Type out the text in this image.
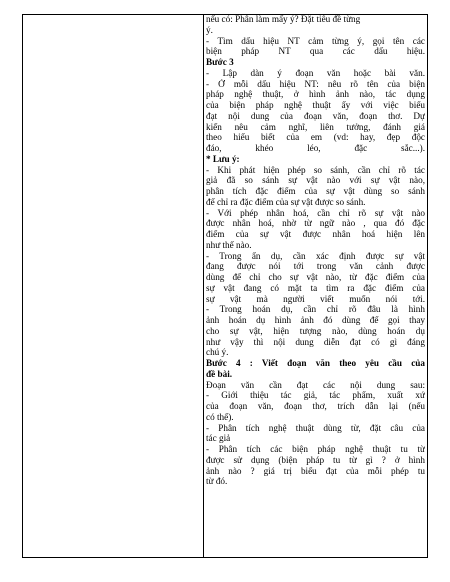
nếu có: Phân làm mấy ý? Đặt tiêu đề từng
ý.
- Tìm dấu hiệu NT cảm từng ý, gọi tên các
biện pháp NT qua các dấu hiệu.
Bước 3
- Lập dàn ý đoạn văn hoặc bài văn.
- Ở mỗi dấu hiệu NT: nêu rõ tên của biện
pháp nghệ thuật, ở hình ảnh nào, tác dụng
của biện pháp nghệ thuật ấy với việc biểu
đạt nội dung của đoạn văn, đoạn thơ. Dự
kiến nêu cảm nghĩ, liên tưởng, đánh giá
theo hiểu biết của em (vd: hay, đẹp độc
đáo, khéo léo, đặc sắc...).
* Lưu ý:
- Khi phát hiện phép so sánh, cần chỉ rõ tác
giả đã so sánh sự vật nào với sự vật nào,
phân tích đặc điểm của sự vật dùng so sánh
để chỉ ra đặc điểm của sự vật được so sánh.
- Với phép nhân hoá, cần chỉ rõ sự vật nào
được nhân hoá, nhờ từ ngữ nào , qua đó đặc
điểm của sự vật được nhân hoá hiện lên
như thế nào.
- Trong ẩn dụ, cần xác định được sự vật
đang được nói tới trong văn cảnh được
dùng để chỉ cho sự vật nào, từ đặc điểm của
sự vật đang có mặt ta tìm ra đặc điểm của
sự vật mà người viết muốn nói tới.
- Trong hoán dụ, cần chỉ rõ đâu là hình
ảnh hoán dụ hình ảnh đó dùng để gọi thay
cho sự vật, hiện tượng nào, dùng hoán dụ
như vậy thì nội dung diễn đạt có gì đáng
chú ý.
Bước 4 : Viết đoạn văn theo yêu cầu của
đề bài.
Đoạn văn cần đạt các nội dung sau:
- Giới thiệu tác giả, tác phẩm, xuất xứ
của đoạn văn, đoạn thơ, trích dẫn lại (nếu
có thể).
- Phân tích nghệ thuật dùng từ, đặt câu của
tác giả
- Phân tích các biện pháp nghệ thuật tu từ
được sử dụng (biện pháp tu từ gì ? ở hình
ảnh nào ? giá trị biểu đạt của mỗi phép tu
từ đó.
